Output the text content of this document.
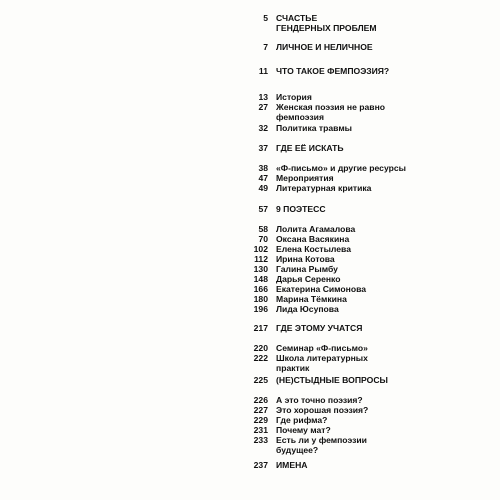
5 СЧАСТЬЕ
ГЕНДЕРНЫХ ПРОБЛЕМ
7 ЛИЧНОЕ И НЕЛИЧНОЕ
11 ЧТО ТАКОЕ ФЕМПОЭЗИЯ?
13 История
27 Женская поэзия не равно
фемпоэзия
32 Политика травмы
37 ГДЕ ЕЁ ИСКАТЬ
38 «Ф-письмо» и другие ресурсы
47 Мероприятия
49 Литературная критика
57 9 ПОЭТЕСС
58 Лолита Агамалова
70 Оксана Васякина
102 Елена Костылева
112 Ирина Котова
130 Галина Рымбу
148 Дарья Серенко
166 Екатерина Симонова
180 Марина Тёмкина
196 Лида Юсупова
217 ГДЕ ЭТОМУ УЧАТСЯ
220 Семинар «Ф-письмо»
222 Школа литературных
практик
225 (НЕ)СТЫДНЫЕ ВОПРОСЫ
226 А это точно поэзия?
227 Это хорошая поэзия?
229 Где рифма?
231 Почему мат?
233 Есть ли у фемпоэзии
будущее?
237 ИМЕНА
